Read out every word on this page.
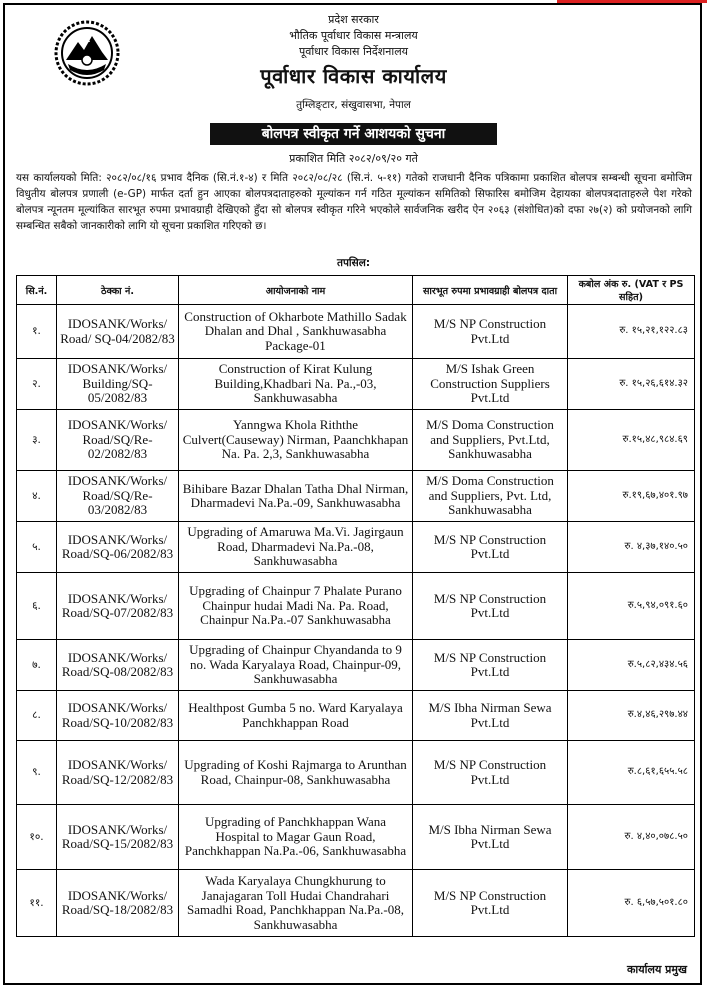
प्रदेश सरकार
भौतिक पूर्वाधार विकास मन्त्रालय
पूर्वाधार विकास निर्देशनालय
पूर्वाधार विकास कार्यालय
तुम्लिङ्टार, संखुवासभा, नेपाल
बोलपत्र स्वीकृत गर्ने आशयको सुचना
प्रकाशित मिति २०८२/०९/२० गते
यस कार्यालयको मिति: २०८२/०८/१६ प्रभाव दैनिक (सि.नं.१-४) र मिति २०८२/०८/२८ (सि.नं. ५-११) गतेको राजधानी दैनिक पत्रिकामा प्रकाशित बोलपत्र सम्बन्धी सूचना बमोजिम विधुतीय बोलपत्र प्रणाली (e-GP) मार्फत दर्ता हुन आएका बोलपत्रदाताहरुको मूल्यांकन गर्न गठित मूल्यांकन समितिको सिफारिस बमोजिम देहायका बोलपत्रदाताहरुले पेश गरेको बोलपत्र न्यूनतम मूल्यांकित सारभूत रुपमा प्रभावग्राही देखिएको हुँदा सो बोलपत्र स्वीकृत गरिने भएकोले सार्वजनिक खरीद ऐन २०६३ (संशोधित)को दफा २७(२) को प्रयोजनको लागि सम्बन्धित सबैको जानकारीको लागि यो सूचना प्रकाशित गरिएको छ।
तपसिल:
सि.नं.	ठेक्का नं.	आयोजनाको नाम	सारभूत रुपमा प्रभावग्राही बोलपत्र दाता	कबोल अंक रु. (VAT र PS सहित)
१.	IDOSANK/Works/ Road/ SQ-04/2082/83	Construction of Okharbote Mathillo Sadak Dhalan and Dhal , Sankhuwasabha Package-01	M/S NP Construction Pvt.Ltd	रु. १५,२१,१२२.८३
२.	IDOSANK/Works/ Building/SQ-05/2082/83	Construction of Kirat Kulung Building,Khadbari Na. Pa.,-03, Sankhuwasabha	M/S Ishak Green Construction Suppliers Pvt.Ltd	रु. १५,२६,६१४.३२
३.	IDOSANK/Works/ Road/SQ/Re-02/2082/83	Yanngwa Khola Riththe Culvert(Causeway) Nirman, Paanchkhapan Na. Pa. 2,3, Sankhuwasabha	M/S Doma Construction and Suppliers, Pvt.Ltd, Sankhuwasabha	रु.१५,४८,९८४.६९
४.	IDOSANK/Works/ Road/SQ/Re-03/2082/83	Bihibare Bazar Dhalan Tatha Dhal Nirman, Dharmadevi Na.Pa.-09, Sankhuwasabha	M/S Doma Construction and Suppliers, Pvt. Ltd, Sankhuwasabha	रु.१९,६७,४०१.९७
५.	IDOSANK/Works/ Road/SQ-06/2082/83	Upgrading of Amaruwa Ma.Vi. Jagirgaun Road, Dharmadevi Na.Pa.-08, Sankhuwasabha	M/S NP Construction Pvt.Ltd	रु. ४,३७,१४०.५०
६.	IDOSANK/Works/ Road/SQ-07/2082/83	Upgrading of Chainpur 7 Phalate Purano Chainpur hudai Madi Na. Pa. Road, Chainpur Na.Pa.-07 Sankhuwasabha	M/S NP Construction Pvt.Ltd	रु.५,९४,०९१.६०
७.	IDOSANK/Works/ Road/SQ-08/2082/83	Upgrading of Chainpur Chyandanda to 9 no. Wada Karyalaya Road, Chainpur-09, Sankhuwasabha	M/S NP Construction Pvt.Ltd	रु.५,८२,४३४.५६
८.	IDOSANK/Works/ Road/SQ-10/2082/83	Healthpost Gumba 5 no. Ward Karyalaya Panchkhappan Road	M/S Ibha Nirman Sewa Pvt.Ltd	रु.४,४६,२९७.४४
९.	IDOSANK/Works/ Road/SQ-12/2082/83	Upgrading of Koshi Rajmarga to Arunthan Road, Chainpur-08, Sankhuwasabha	M/S NP Construction Pvt.Ltd	रु.८,६१,६५५.५८
१०.	IDOSANK/Works/ Road/SQ-15/2082/83	Upgrading of Panchkhappan Wana Hospital to Magar Gaun Road, Panchkhappan Na.Pa.-06, Sankhuwasabha	M/S Ibha Nirman Sewa Pvt.Ltd	रु. ४,४०,०७८.५०
११.	IDOSANK/Works/ Road/SQ-18/2082/83	Wada Karyalaya Chungkhurung to Janajagaran Toll Hudai Chandrahari Samadhi Road, Panchkhappan Na.Pa.-08, Sankhuwasabha	M/S NP Construction Pvt.Ltd	रु. ६,५७,५०१.८०
कार्यालय प्रमुख
